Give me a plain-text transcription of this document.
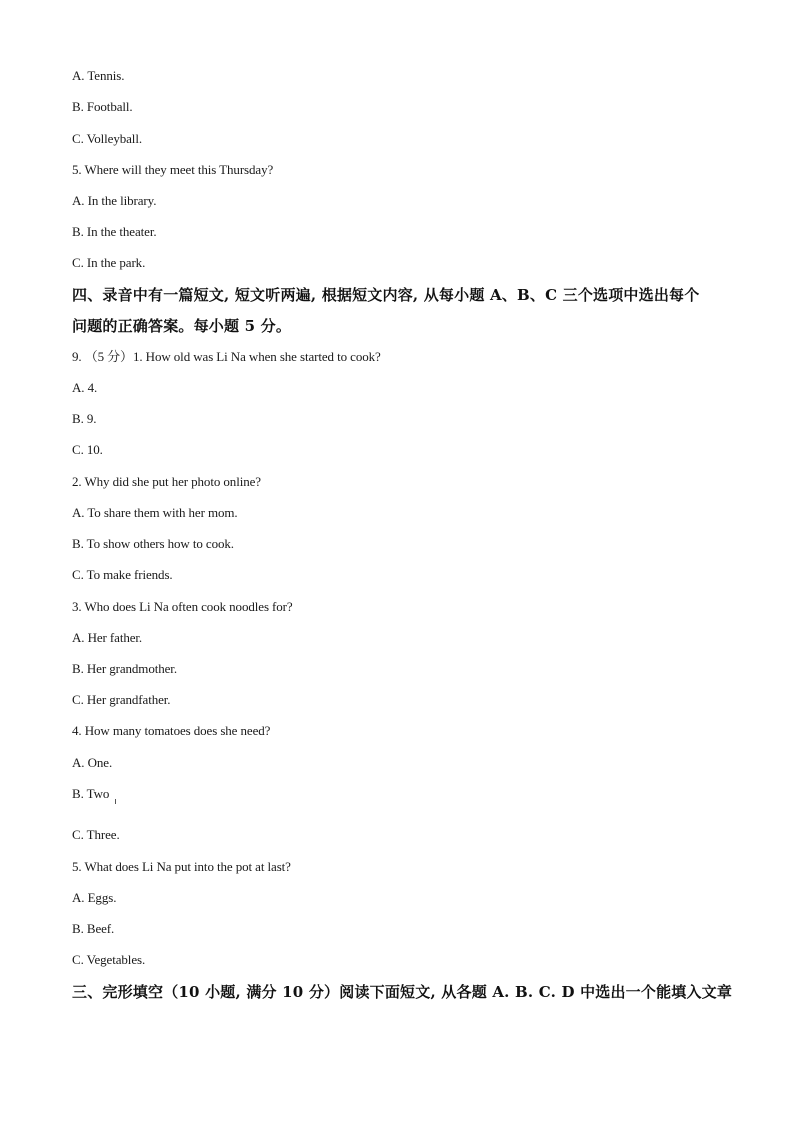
A. Tennis.
B. Football.
C. Volleyball.
5. Where will they meet this Thursday?
A. In the library.
B. In the theater.
C. In the park.
四、录音中有一篇短文, 短文听两遍, 根据短文内容, 从每小题 A、B、C 三个选项中选出每个
问题的正确答案。每小题 5 分。
9. （5 分）1. How old was Li Na when she started to cook?
A. 4.
B. 9.
C. 10.
2. Why did she put her photo online?
A. To share them with her mom.
B. To show others how to cook.
C. To make friends.
3. Who does Li Na often cook noodles for?
A. Her father.
B. Her grandmother.
C. Her grandfather.
4. How many tomatoes does she need?
A. One.
B. Two
C. Three.
5. What does Li Na put into the pot at last?
A. Eggs.
B. Beef.
C. Vegetables.
三、完形填空（10 小题, 满分 10 分）阅读下面短文, 从各题 A. B. C. D 中选出一个能填入文章
